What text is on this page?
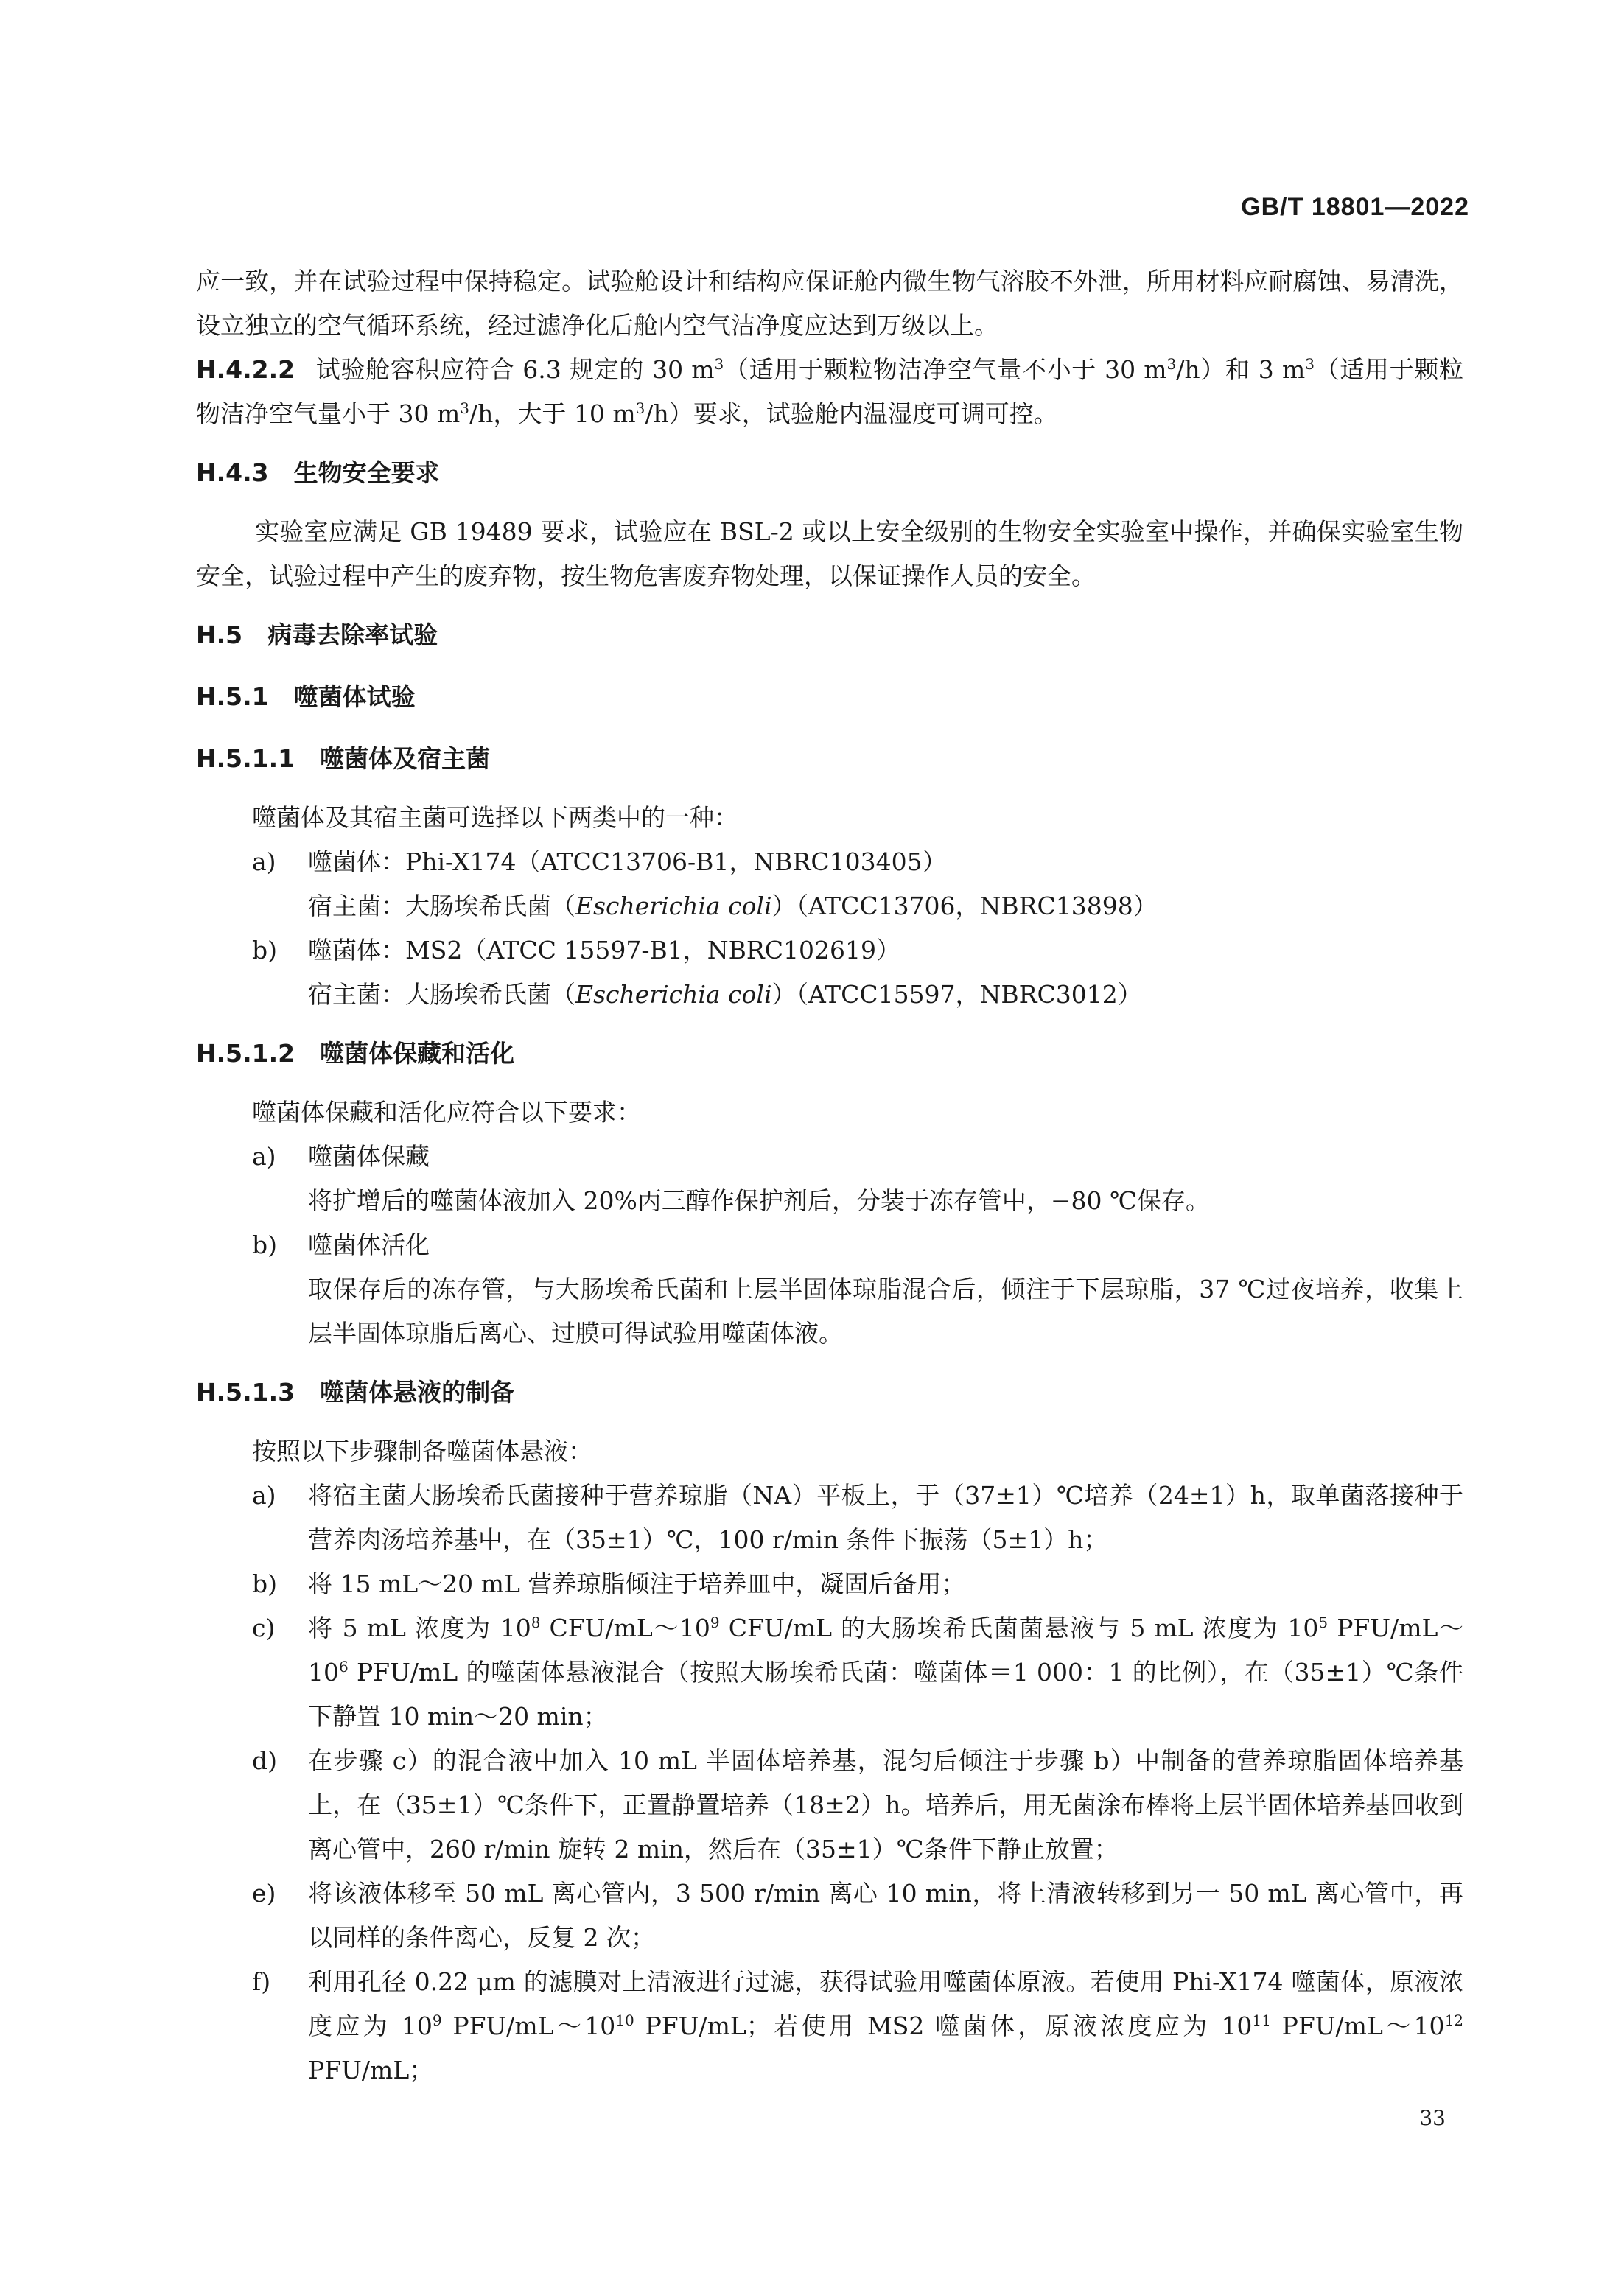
GB/T 18801—2022

应一致，并在试验过程中保持稳定。试验舱设计和结构应保证舱内微生物气溶胶不外泄，所用材料应耐腐蚀、易清洗，设立独立的空气循环系统，经过滤净化后舱内空气洁净度应达到万级以上。

H.4.2.2 试验舱容积应符合 6.3 规定的 30 $m^3$（适用于颗粒物洁净空气量不小于 30 $m^3/h$）和 3 $m^3$（适用于颗粒物洁净空气量小于 30 $m^3/h$，大于 10 $m^3/h$）要求，试验舱内温湿度可调可控。

H.4.3 生物安全要求

实验室应满足 GB 19489 要求，试验应在 BSL-2 或以上安全级别的生物安全实验室中操作，并确保实验室生物安全，试验过程中产生的废弃物，按生物危害废弃物处理，以保证操作人员的安全。

H.5 病毒去除率试验
H.5.1 噬菌体试验
H.5.1.1 噬菌体及宿主菌

噬菌体及其宿主菌可选择以下两类中的一种：

a) 噬菌体：Phi-X174（ATCC13706-B1，NBRC103405）
宿主菌：大肠埃希氏菌（Escherichia coli）（ATCC13706，NBRC13898）
b) 噬菌体：MS2（ATCC 15597-B1，NBRC102619）
宿主菌：大肠埃希氏菌（Escherichia coli）（ATCC15597，NBRC3012）
H.5.1.2 噬菌体保藏和活化

噬菌体保藏和活化应符合以下要求：

a) 噬菌体保藏
将扩增后的噬菌体液加入 20%丙三醇作保护剂后，分装于冻存管中，−80 ℃保存。
b) 噬菌体活化
取保存后的冻存管，与大肠埃希氏菌和上层半固体琼脂混合后，倾注于下层琼脂，37 ℃过夜培养，收集上层半固体琼脂后离心、过膜可得试验用噬菌体液。
H.5.1.3 噬菌体悬液的制备

按照以下步骤制备噬菌体悬液：

a) 将宿主菌大肠埃希氏菌接种于营养琼脂（NA）平板上，于（37±1）℃培养（24±1）h，取单菌落接种于营养肉汤培养基中，在（35±1）℃，100 r/min 条件下振荡（5±1）h；
b) 将 15 mL～20 mL 营养琼脂倾注于培养皿中，凝固后备用；
c) 将 5 mL 浓度为 $10^8$ CFU/$mL\sim 10^9$ CFU/mL 的大肠埃希氏菌菌悬液与 5 mL 浓度为 $10^5$ PFU/$mL\sim 10^6$ PFU/mL 的噬菌体悬液混合（按照大肠埃希氏菌：噬菌体＝1 000：1 的比例），在（35±1）℃条件下静置 10 min～20 min；
d) 在步骤 c）的混合液中加入 10 mL 半固体培养基，混匀后倾注于步骤 b）中制备的营养琼脂固体培养基上，在（35±1）℃条件下，正置静置培养（18±2）h。培养后，用无菌涂布棒将上层半固体培养基回收到离心管中，260 r/min 旋转 2 min，然后在（35±1）℃条件下静止放置；
e) 将该液体移至 50 mL 离心管内，3 500 r/min 离心 10 min，将上清液转移到另一 50 mL 离心管中，再以同样的条件离心，反复 2 次；
f) 利用孔径 0.22 μm 的滤膜对上清液进行过滤，获得试验用噬菌体原液。若使用 Phi-X174 噬菌体，原液浓度应为 $10^9$ PFU/$mL\sim 10^{10}$ PFU/mL；若使用 MS2 噬菌体，原液浓度应为 $10^{11}$ PFU/$mL\sim 10^{12}$ PFU/mL；
33
